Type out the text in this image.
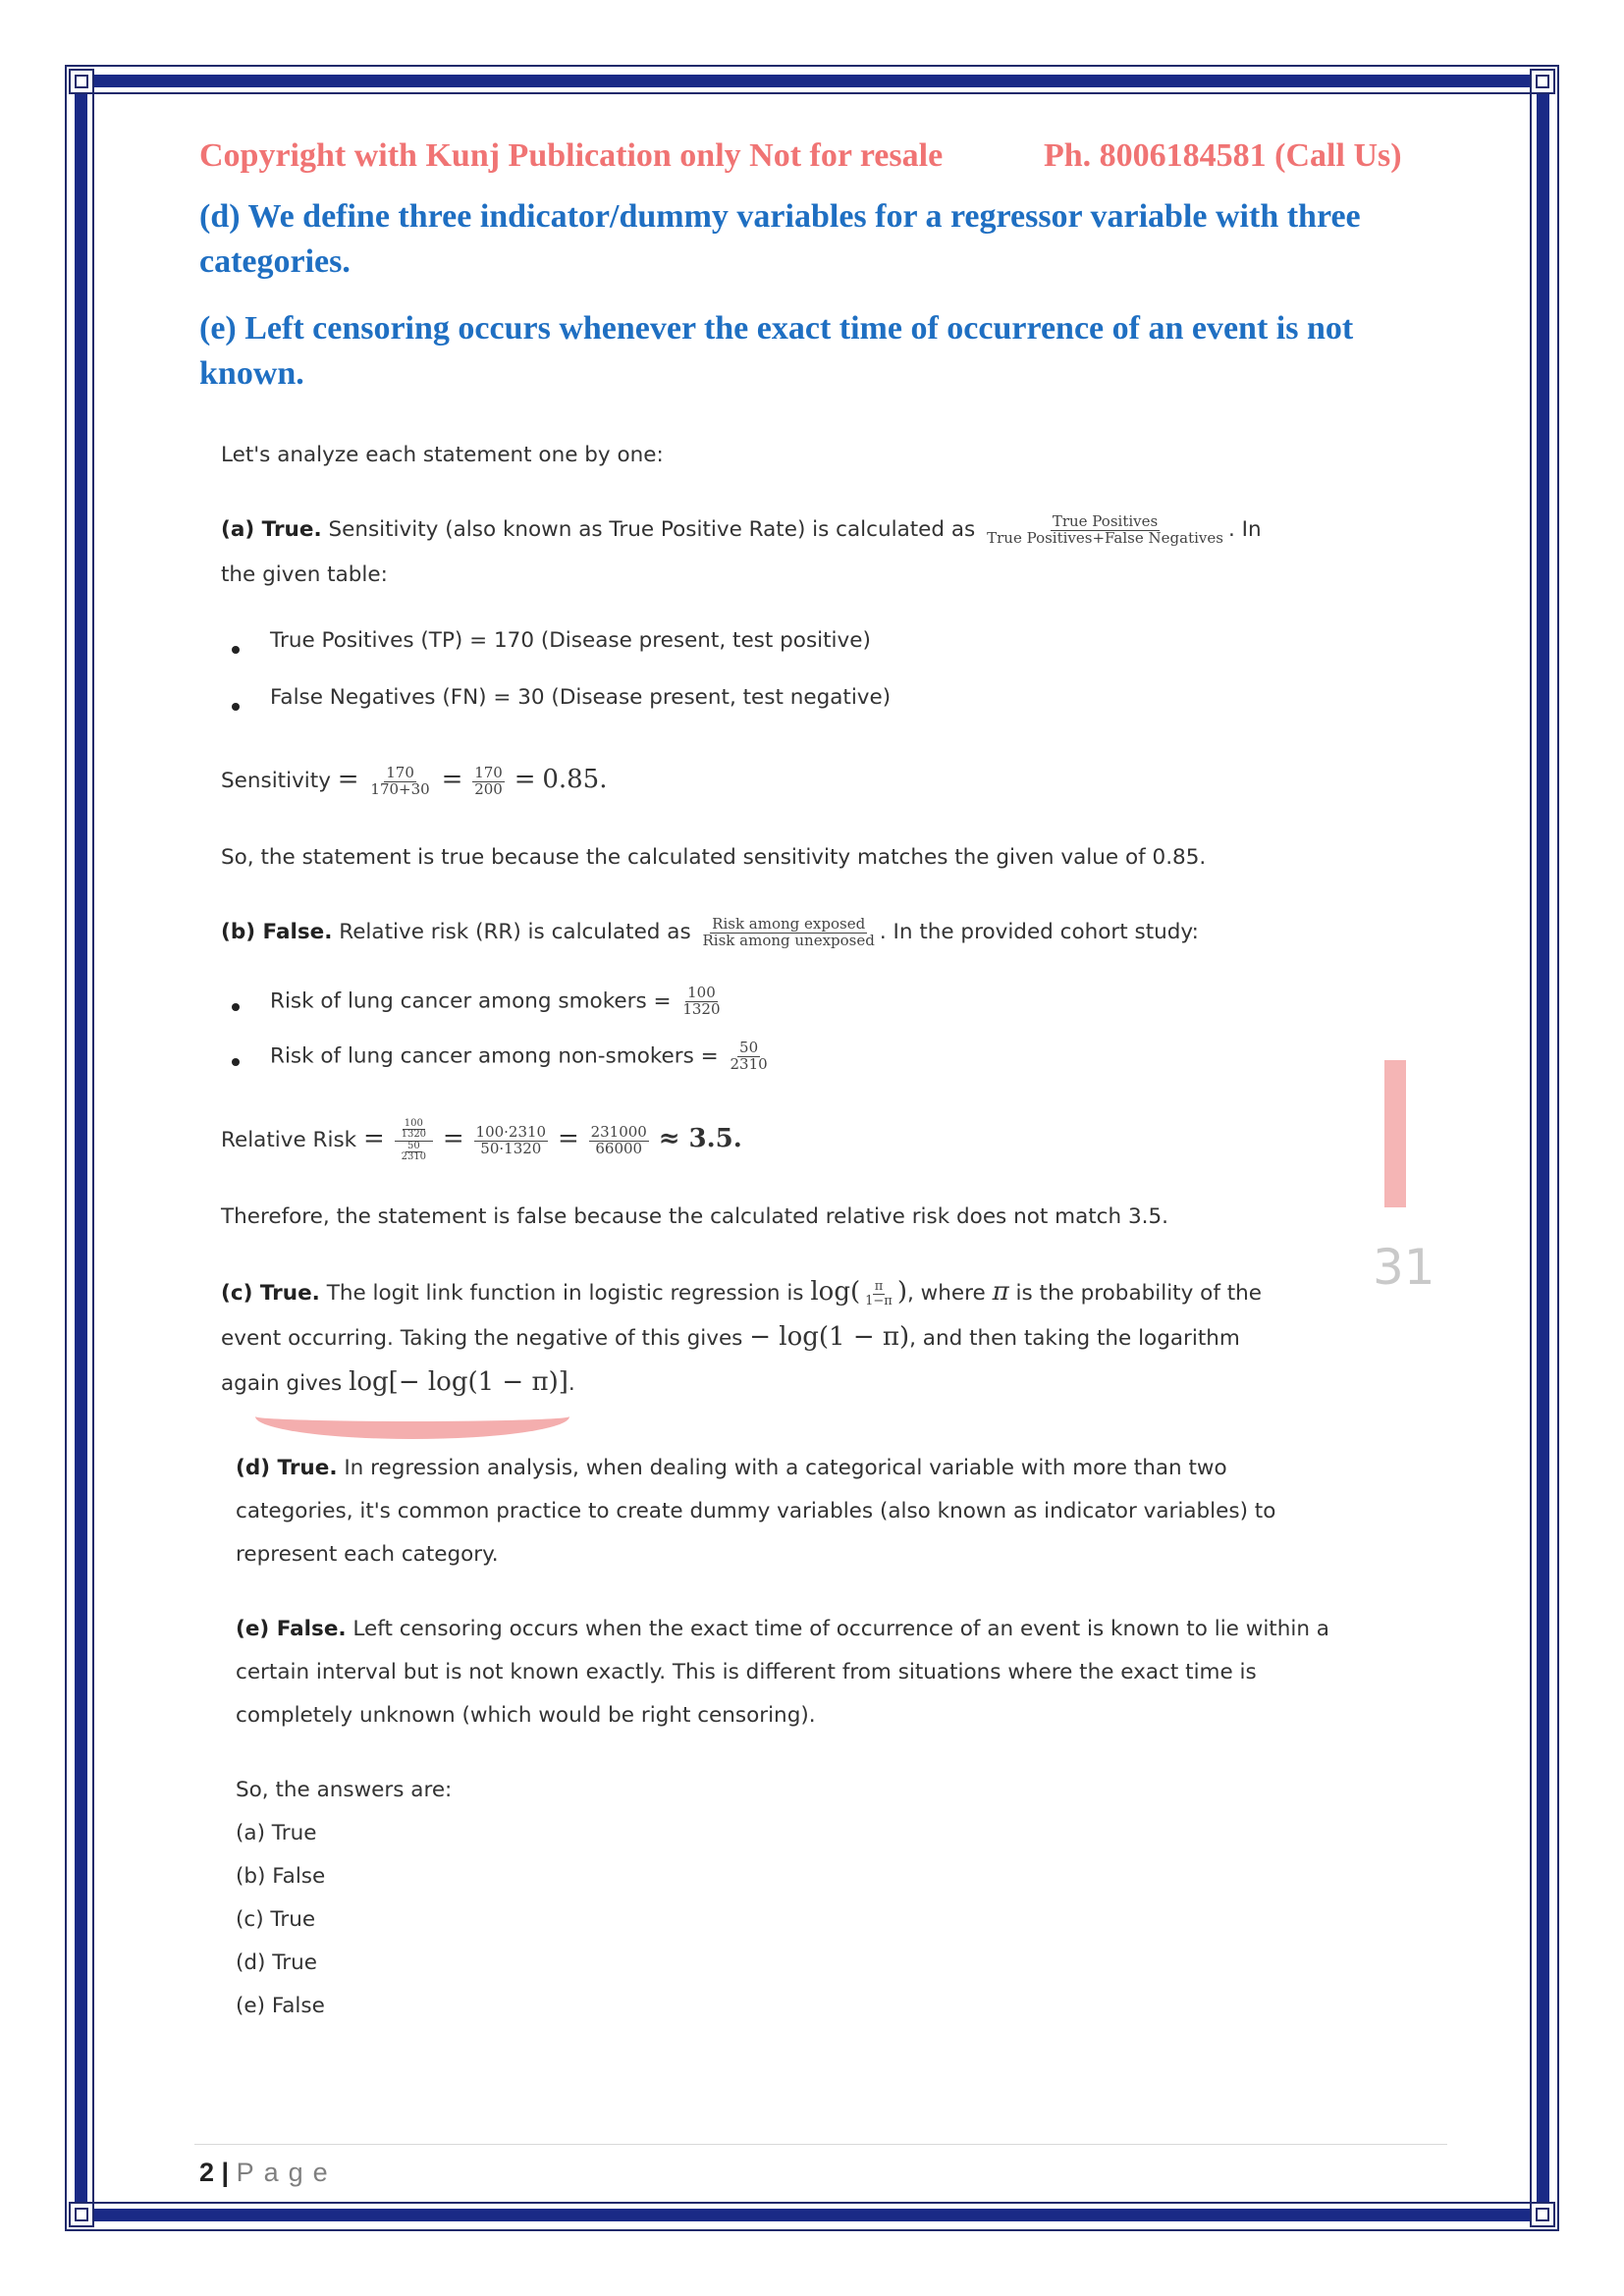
31
Copyright with Kunj Publication only Not for resale	Ph. 8006184581 (Call Us)
(d) We define three indicator/dummy variables for a regressor variable with three categories.
(e) Left censoring occurs whenever the exact time of occurrence of an event is not known.
Let's analyze each statement one by one:
(a) True. Sensitivity (also known as True Positive Rate) is calculated as $\frac{\text{True Positives}}{\text{True Positives+False Negatives}}$ . In
the given table:
True Positives (TP) = 170 (Disease present, test positive)
False Negatives (FN) = 30 (Disease present, test negative)
Sensitivity = $\frac{170}{170+30} = \frac{170}{200} = 0.85$.
So, the statement is true because the calculated sensitivity matches the given value of 0.85.
(b) False. Relative risk (RR) is calculated as $\frac{\text{Risk among exposed}}{\text{Risk among unexposed}}$ . In the provided cohort study:
Risk of lung cancer among smokers = $\frac{100}{1320}$
Risk of lung cancer among non-smokers = $\frac{50}{2310}$
Relative Risk = $\frac{\frac{100}{1320}}{\frac{50}{2310}} = \frac{100\cdot 2310}{50\cdot 1320} = \frac{231000}{66000} \approx 3.5$.
Therefore, the statement is false because the calculated relative risk does not match 3.5.
(c) True. The logit link function in logistic regression is $\log( \frac{\pi}{1-\pi}$ ), where π is the probability of the
event occurring. Taking the negative of this gives − log(1 − π), and then taking the logarithm
again gives log[− log(1 − π)].
(d) True. In regression analysis, when dealing with a categorical variable with more than two
categories, it's common practice to create dummy variables (also known as indicator variables) to
represent each category.
(e) False. Left censoring occurs when the exact time of occurrence of an event is known to lie within a
certain interval but is not known exactly. This is different from situations where the exact time is
completely unknown (which would be right censoring).
So, the answers are:
(a) True
(b) False
(c) True
(d) True
(e) False
2 | Page
